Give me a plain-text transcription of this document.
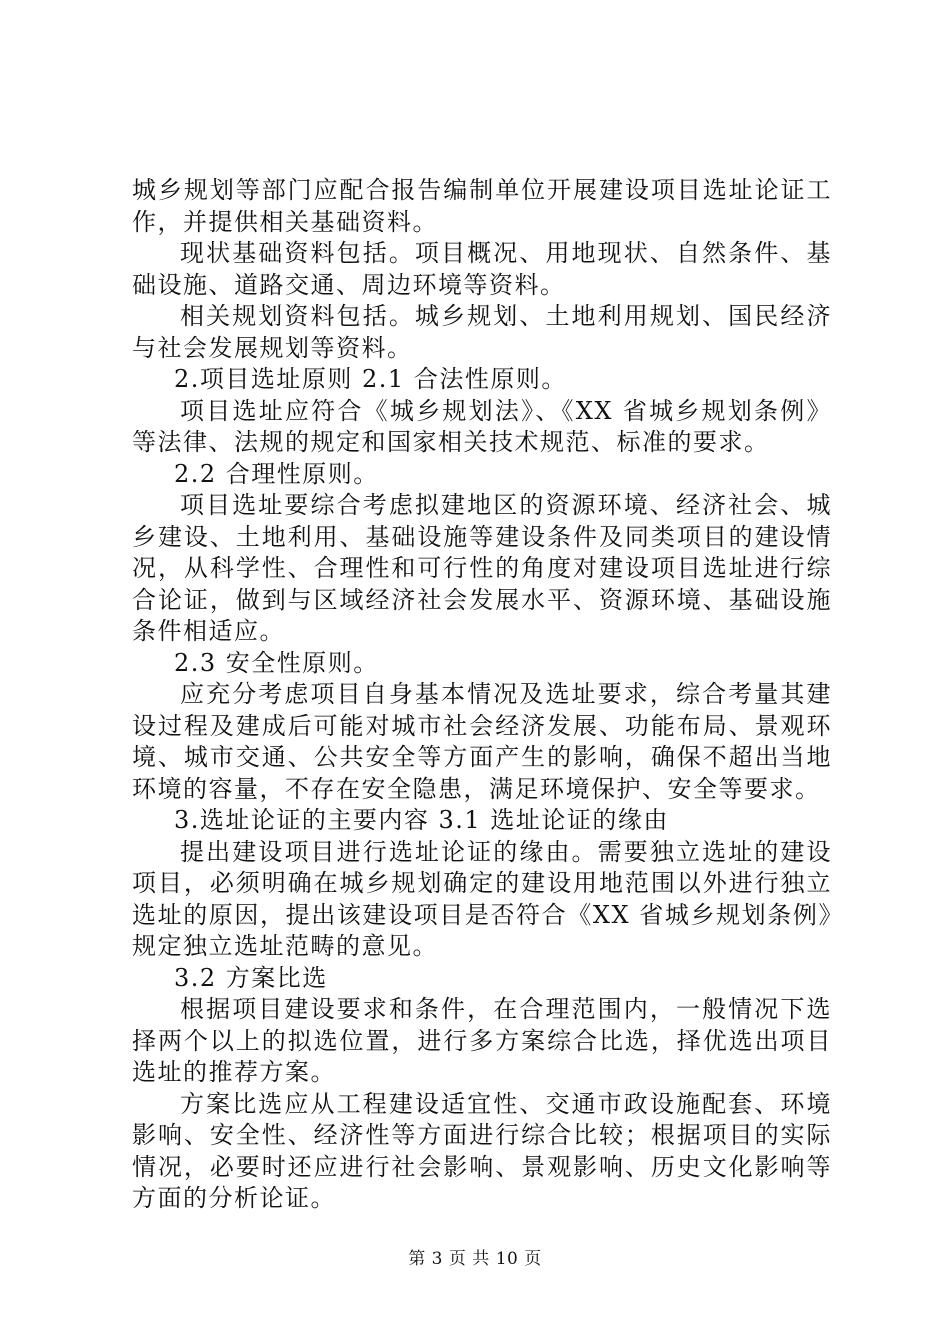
城乡规划等部门应配合报告编制单位开展建设项目选址论证工作，并提供相关基础资料。

现状基础资料包括。项目概况、用地现状、自然条件、基础设施、道路交通、周边环境等资料。

相关规划资料包括。城乡规划、土地利用规划、国民经济与社会发展规划等资料。

2.项目选址原则 2.1 合法性原则。

项目选址应符合《城乡规划法》、《XX 省城乡规划条例》等法律、法规的规定和国家相关技术规范、标准的要求。

2.2 合理性原则。

项目选址要综合考虑拟建地区的资源环境、经济社会、城乡建设、土地利用、基础设施等建设条件及同类项目的建设情况，从科学性、合理性和可行性的角度对建设项目选址进行综合论证，做到与区域经济社会发展水平、资源环境、基础设施条件相适应。

2.3 安全性原则。

应充分考虑项目自身基本情况及选址要求，综合考量其建设过程及建成后可能对城市社会经济发展、功能布局、景观环境、城市交通、公共安全等方面产生的影响，确保不超出当地环境的容量，不存在安全隐患，满足环境保护、安全等要求。

3.选址论证的主要内容 3.1 选址论证的缘由

提出建设项目进行选址论证的缘由。需要独立选址的建设项目，必须明确在城乡规划确定的建设用地范围以外进行独立选址的原因，提出该建设项目是否符合《XX 省城乡规划条例》规定独立选址范畴的意见。

3.2 方案比选

根据项目建设要求和条件，在合理范围内，一般情况下选择两个以上的拟选位置，进行多方案综合比选，择优选出项目选址的推荐方案。

方案比选应从工程建设适宜性、交通市政设施配套、环境影响、安全性、经济性等方面进行综合比较；根据项目的实际情况，必要时还应进行社会影响、景观影响、历史文化影响等方面的分析论证。

第 3 页 共 10 页
